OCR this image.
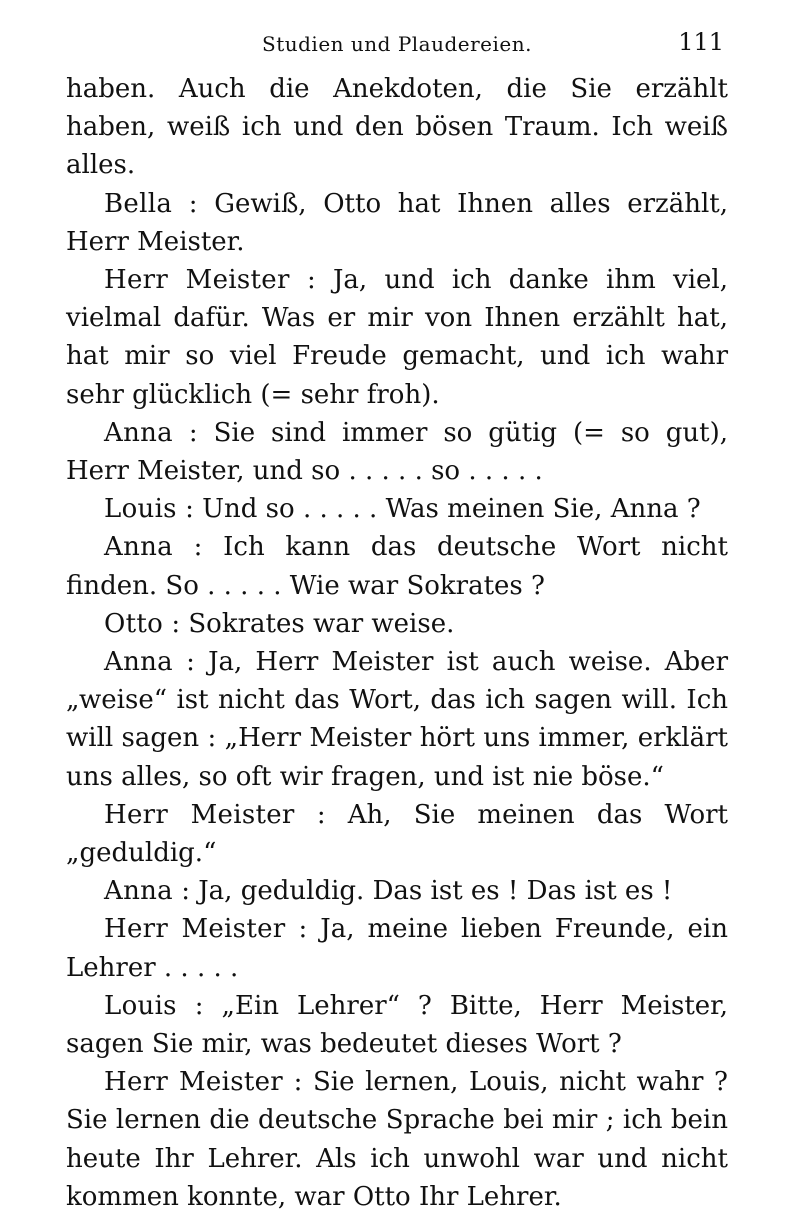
Studien und Plaudereien.	111

haben. Auch die Anekdoten, die Sie erzählt haben, weiß ich und den bösen Traum. Ich weiß alles.

Bella : Gewiß, Otto hat Ihnen alles erzählt, Herr Meister.

Herr Meister : Ja, und ich danke ihm viel, vielmal dafür. Was er mir von Ihnen erzählt hat, hat mir so viel Freude gemacht, und ich wahr sehr glücklich (= sehr froh).

Anna : Sie sind immer so gütig (= so gut), Herr Meister, und so . . . . . so . . . . .

Louis : Und so . . . . . Was meinen Sie, Anna ?

Anna : Ich kann das deutsche Wort nicht finden. So . . . . . Wie war Sokrates ?

Otto : Sokrates war weise.

Anna : Ja, Herr Meister ist auch weise. Aber „weise“ ist nicht das Wort, das ich sagen will. Ich will sagen : „Herr Meister hört uns immer, erklärt uns alles, so oft wir fragen, und ist nie böse.“

Herr Meister : Ah, Sie meinen das Wort „geduldig.“

Anna : Ja, geduldig. Das ist es ! Das ist es !

Herr Meister : Ja, meine lieben Freunde, ein Lehrer . . . . .

Louis : „Ein Lehrer“ ? Bitte, Herr Meister, sagen Sie mir, was bedeutet dieses Wort ?

Herr Meister : Sie lernen, Louis, nicht wahr ? Sie lernen die deutsche Sprache bei mir ; ich bein heute Ihr Lehrer. Als ich unwohl war und nicht kommen konnte, war Otto Ihr Lehrer.
